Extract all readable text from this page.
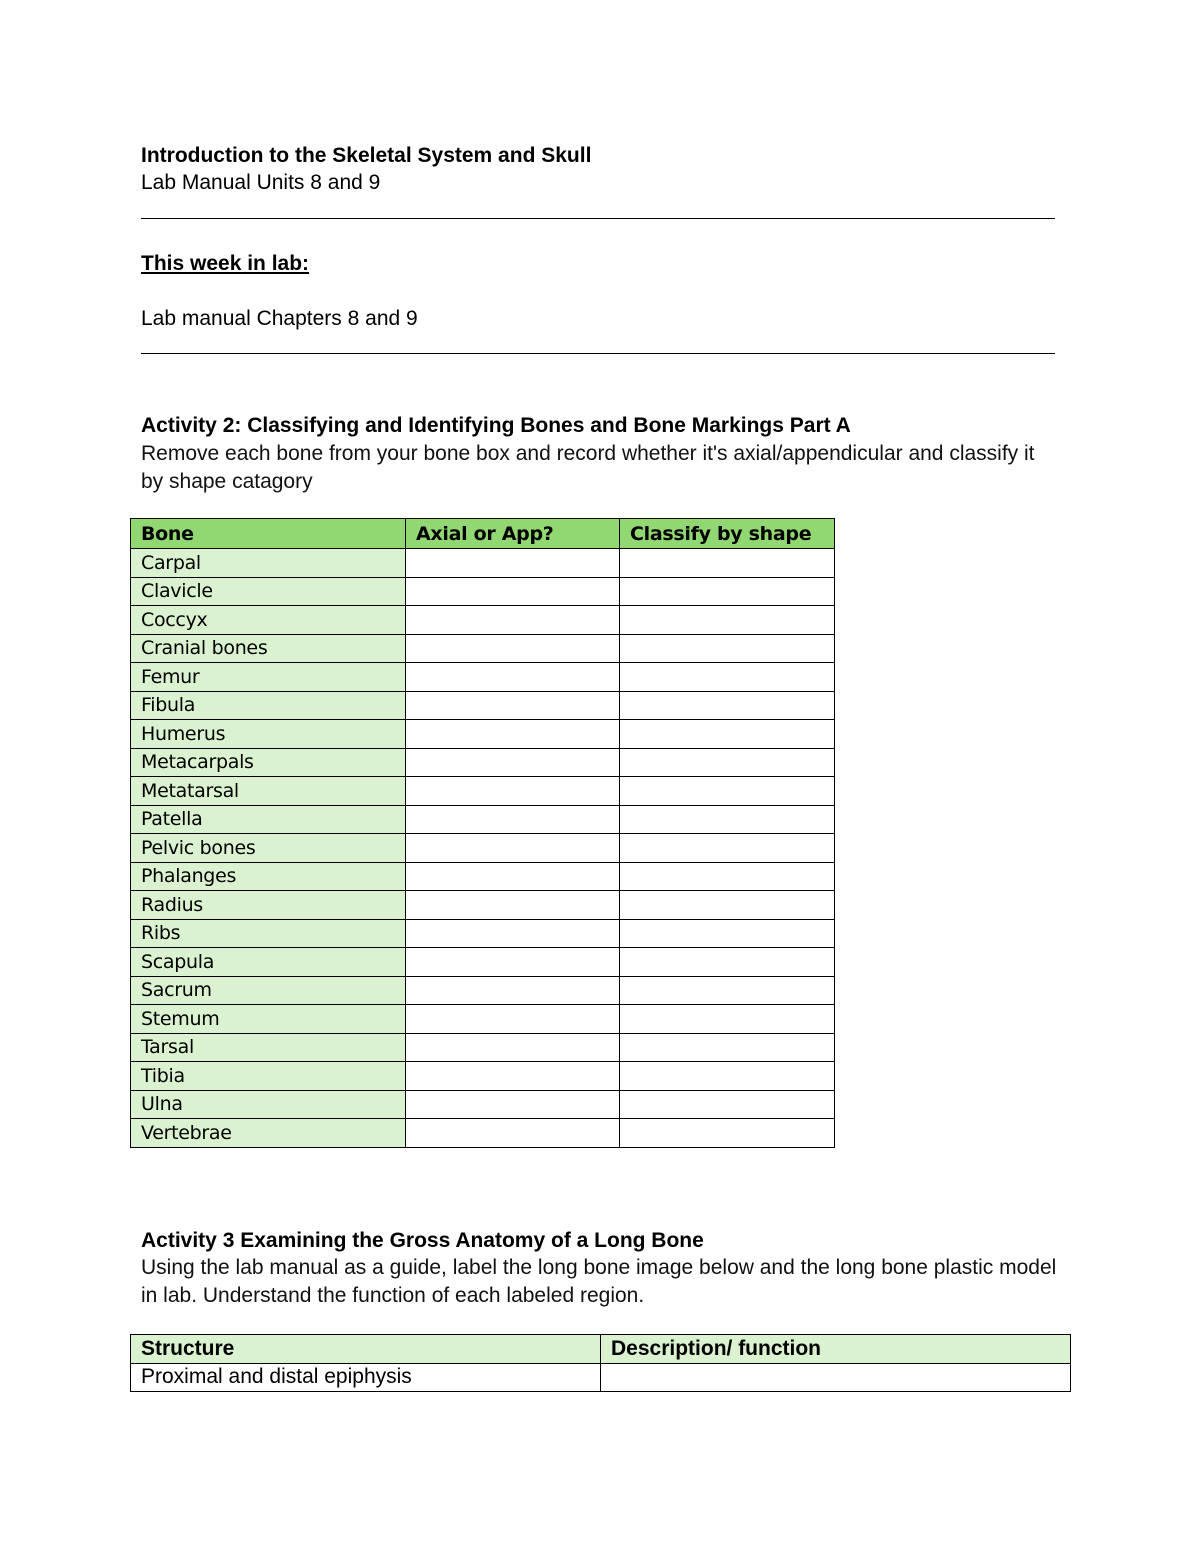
Introduction to the Skeletal System and Skull
Lab Manual Units 8 and 9
This week in lab:
Lab manual Chapters 8 and 9
Activity 2: Classifying and Identifying Bones and Bone Markings Part A
Remove each bone from your bone box and record whether it's axial/appendicular and classify it by shape catagory
Bone	Axial or App?	Classify by shape
Carpal		
Clavicle		
Coccyx		
Cranial bones		
Femur		
Fibula		
Humerus		
Metacarpals		
Metatarsal		
Patella		
Pelvic bones		
Phalanges		
Radius		
Ribs		
Scapula		
Sacrum		
Stemum		
Tarsal		
Tibia		
Ulna		
Vertebrae		
Activity 3 Examining the Gross Anatomy of a Long Bone
Using the lab manual as a guide, label the long bone image below and the long bone plastic model in lab. Understand the function of each labeled region.
Structure	Description/ function
Proximal and distal epiphysis	
